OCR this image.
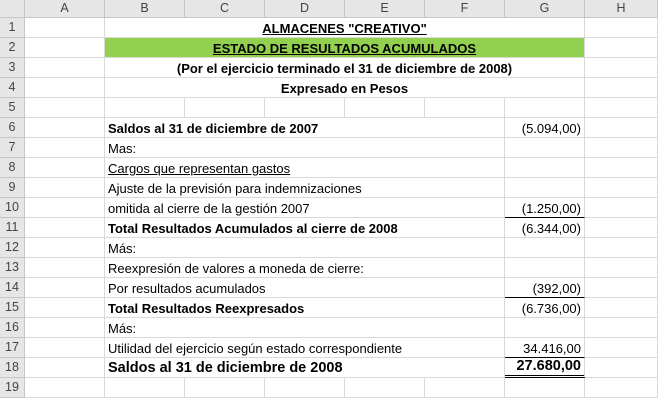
A	B	C	D	E	F	G	H
1
2
3
4
5
6
7
8
9
10
11
12
13
14
15
16
17
18
19
ALMACENES "CREATIVO"
ESTADO DE RESULTADOS ACUMULADOS
(Por el ejercicio terminado el 31 de diciembre de 2008)
Expresado en Pesos
Saldos al 31 de diciembre de 2007	(5.094,00)
Mas:
Cargos que representan gastos
Ajuste de la previsión para indemnizaciones
omitida al cierre de la gestión 2007	(1.250,00)
Total Resultados Acumulados al cierre de 2008	(6.344,00)
Más:
Reexpresión de valores a moneda de cierre:
Por resultados acumulados	(392,00)
Total Resultados Reexpresados	(6.736,00)
Más:
Utilidad del ejercicio según estado correspondiente	34.416,00
Saldos al 31 de diciembre de 2008	27.680,00
